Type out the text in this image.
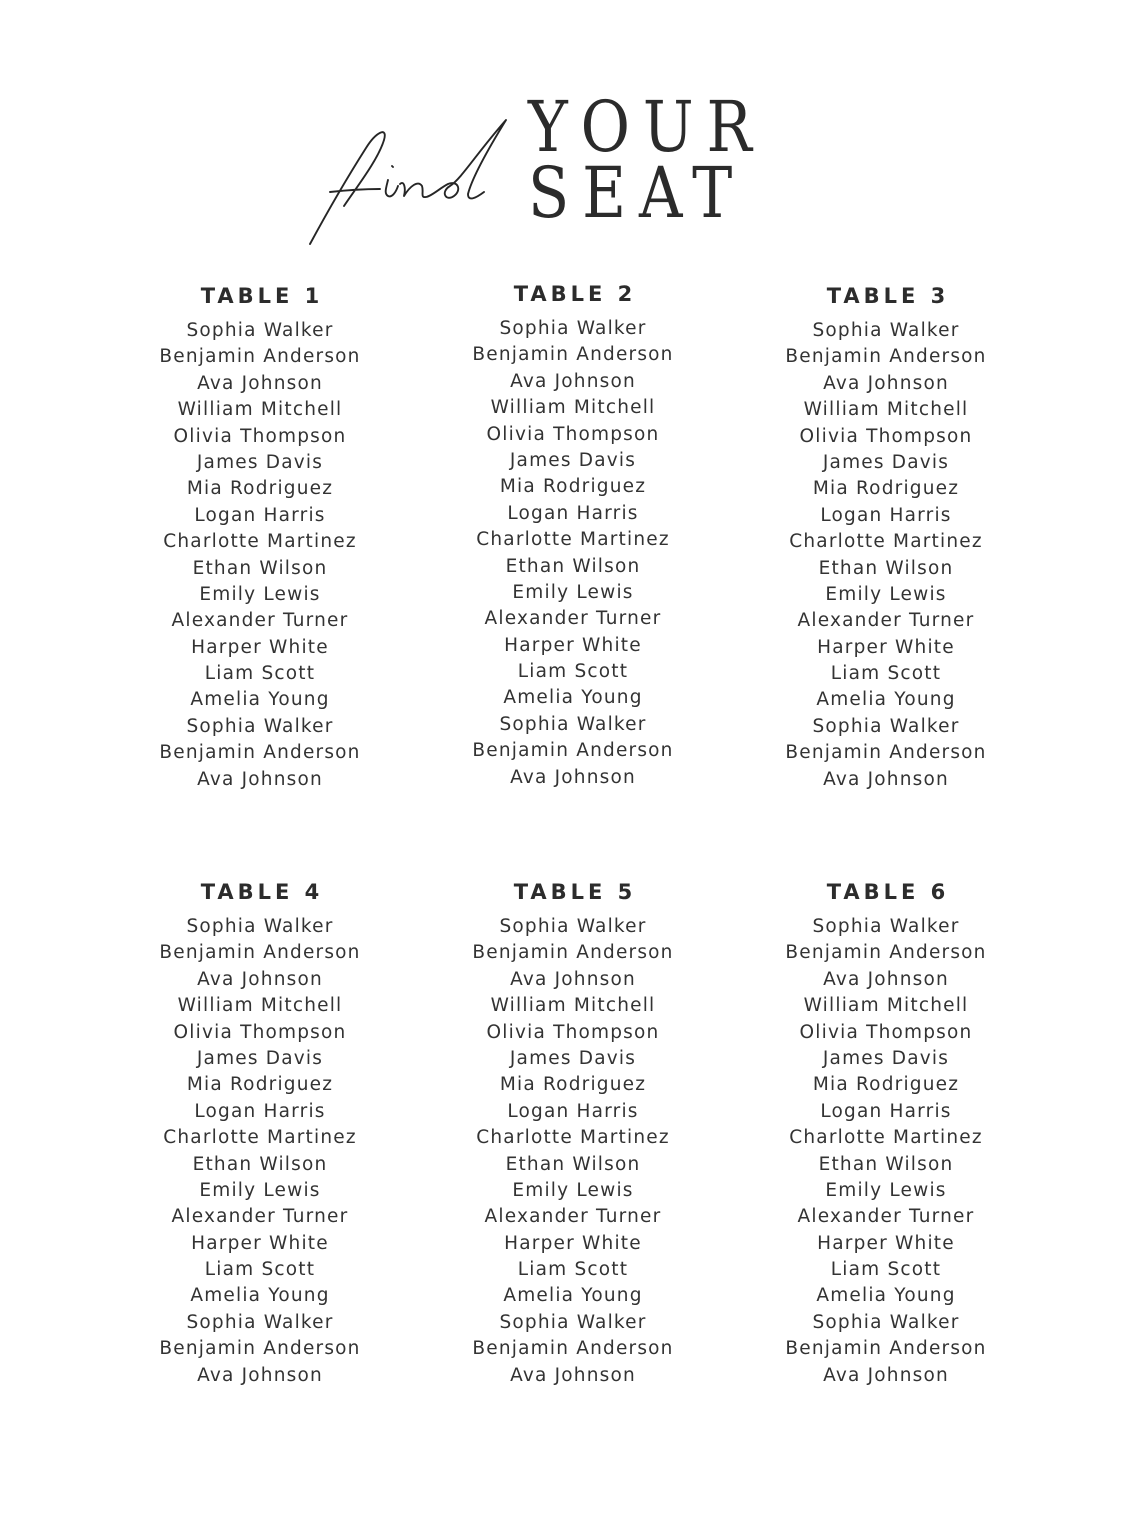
YOUR
SEAT
TABLE 1
Sophia Walker
Benjamin Anderson
Ava Johnson
William Mitchell
Olivia Thompson
James Davis
Mia Rodriguez
Logan Harris
Charlotte Martinez
Ethan Wilson
Emily Lewis
Alexander Turner
Harper White
Liam Scott
Amelia Young
Sophia Walker
Benjamin Anderson
Ava Johnson
TABLE 2
Sophia Walker
Benjamin Anderson
Ava Johnson
William Mitchell
Olivia Thompson
James Davis
Mia Rodriguez
Logan Harris
Charlotte Martinez
Ethan Wilson
Emily Lewis
Alexander Turner
Harper White
Liam Scott
Amelia Young
Sophia Walker
Benjamin Anderson
Ava Johnson
TABLE 3
Sophia Walker
Benjamin Anderson
Ava Johnson
William Mitchell
Olivia Thompson
James Davis
Mia Rodriguez
Logan Harris
Charlotte Martinez
Ethan Wilson
Emily Lewis
Alexander Turner
Harper White
Liam Scott
Amelia Young
Sophia Walker
Benjamin Anderson
Ava Johnson
TABLE 4
Sophia Walker
Benjamin Anderson
Ava Johnson
William Mitchell
Olivia Thompson
James Davis
Mia Rodriguez
Logan Harris
Charlotte Martinez
Ethan Wilson
Emily Lewis
Alexander Turner
Harper White
Liam Scott
Amelia Young
Sophia Walker
Benjamin Anderson
Ava Johnson
TABLE 5
Sophia Walker
Benjamin Anderson
Ava Johnson
William Mitchell
Olivia Thompson
James Davis
Mia Rodriguez
Logan Harris
Charlotte Martinez
Ethan Wilson
Emily Lewis
Alexander Turner
Harper White
Liam Scott
Amelia Young
Sophia Walker
Benjamin Anderson
Ava Johnson
TABLE 6
Sophia Walker
Benjamin Anderson
Ava Johnson
William Mitchell
Olivia Thompson
James Davis
Mia Rodriguez
Logan Harris
Charlotte Martinez
Ethan Wilson
Emily Lewis
Alexander Turner
Harper White
Liam Scott
Amelia Young
Sophia Walker
Benjamin Anderson
Ava Johnson
